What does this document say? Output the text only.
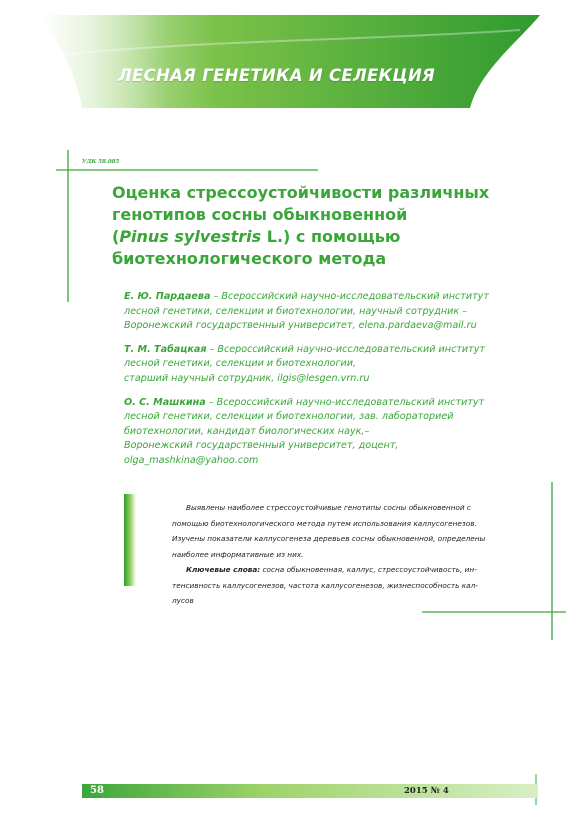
ЛЕСНАЯ ГЕНЕТИКА И СЕЛЕКЦИЯ
УДК 58.085
Оценка стрессоустойчивости различных
генотипов сосны обыкновенной
(Pinus sylvestris L.) с помощью
биотехнологического метода

Е. Ю. Пардаева – Всероссийский научно-исследовательский институт
лесной генетики, селекции и биотехнологии, научный сотрудник –
Воронежский государственный университет, elena.pardaeva@mail.ru

Т. М. Табацкая – Всероссийский научно-исследовательский институт
лесной генетики, селекции и биотехнологии,
старший научный сотрудник, ilgis@lesgen.vrn.ru

О. С. Машкина – Всероссийский научно-исследовательский институт
лесной генетики, селекции и биотехнологии, зав. лабораторией
биотехнологии, кандидат биологических наук,–
Воронежский государственный университет, доцент,
olga_mashkina@yahoo.com

Выявлены наиболее стрессоустойчивые генотипы сосны обыкновенной с
помощью биотехнологического метода путем использования каллусогенезов.
Изучены показатели каллусогенеза деревьев сосны обыкновенной, определены
наиболее информативные из них.

Ключевые слова: сосна обыкновенная, каллус, стрессоустойчивость, ин-
тенсивность каллусогенезов, частота каллусогенезов, жизнеспособность кал-
лусов

58	2015 № 4
